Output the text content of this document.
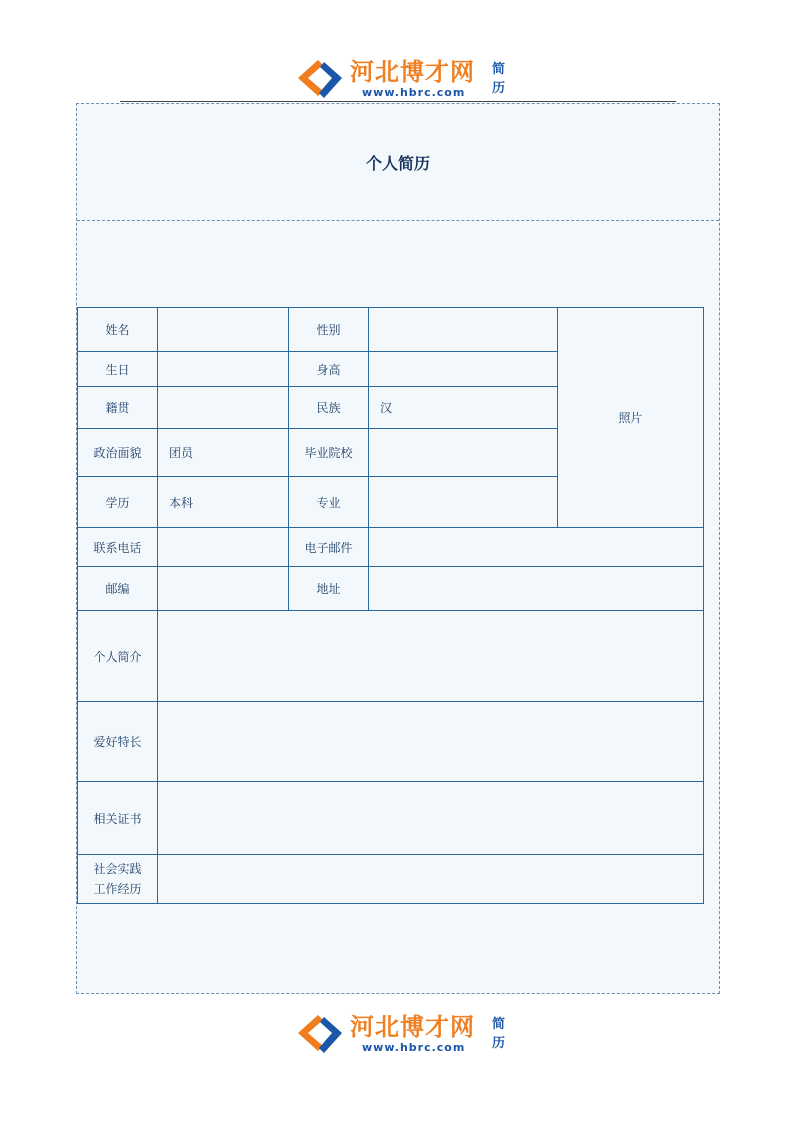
河北博才网
www.hbrc.com
简历
个人简历
姓名		性别		照片
生日		身高		
籍贯		民族	汉	
政治面貌	团员	毕业院校		
学历	本科	专业		
联系电话		电子邮件		
邮编		地址		
个人简介				
爱好特长				
相关证书				

社会实践
工作经历				

河北博才网
www.hbrc.com
简历
